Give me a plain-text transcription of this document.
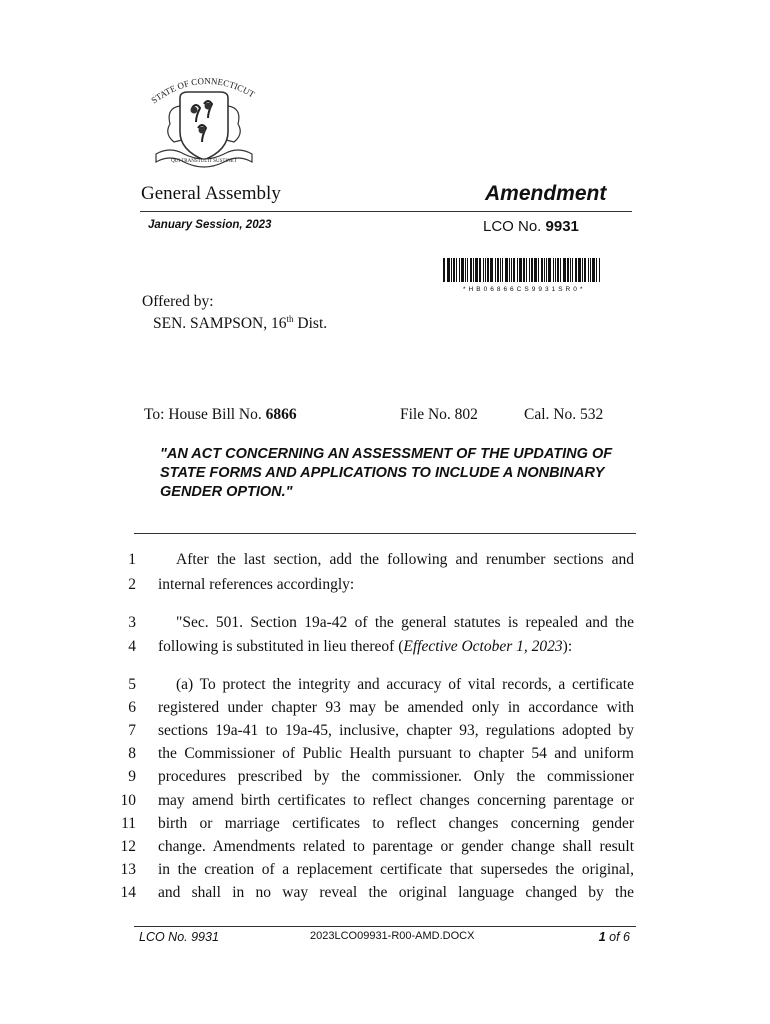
STATE OF CONNECTICUT
QUI TRANSTULIT SUSTINET
General Assembly	Amendment
January Session, 2023	LCO No. 9931
* H B 0 6 8 6 6 C S 9 9 3 1 S R 0 *
Offered by:
SEN. SAMPSON, 16th Dist.
To: House Bill No. 6866	File No. 802	Cal. No. 532
"AN ACT CONCERNING AN ASSESSMENT OF THE UPDATING OF
STATE FORMS AND APPLICATIONS TO INCLUDE A NONBINARY
GENDER OPTION."
1	After the last section, add the following and renumber sections and
2 internal references accordingly:
3	"Sec. 501. Section 19a-42 of the general statutes is repealed and the
4 following is substituted in lieu thereof (Effective October 1, 2023):
5	(a) To protect the integrity and accuracy of vital records, a certificate
6 registered under chapter 93 may be amended only in accordance with
7 sections 19a-41 to 19a-45, inclusive, chapter 93, regulations adopted by
8 the Commissioner of Public Health pursuant to chapter 54 and uniform
9 procedures prescribed by the commissioner. Only the commissioner
10 may amend birth certificates to reflect changes concerning parentage or
11 birth or marriage certificates to reflect changes concerning gender
12 change. Amendments related to parentage or gender change shall result
13 in the creation of a replacement certificate that supersedes the original,
14 and shall in no way reveal the original language changed by the
LCO No. 9931	2023LCO09931-R00-AMD.DOCX	1 of 6
